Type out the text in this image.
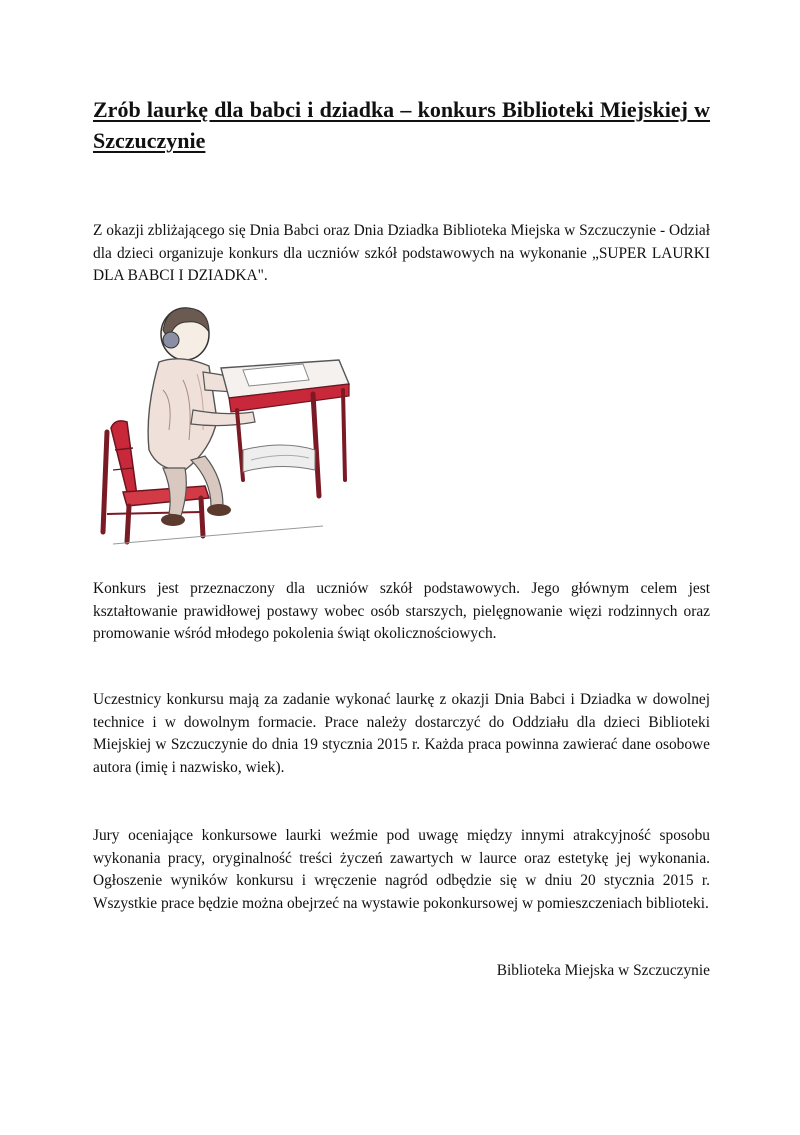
Zrób laurkę dla babci i dziadka – konkurs Biblioteki Miejskiej w Szczuczynie

Z okazji zbliżającego się Dnia Babci oraz Dnia Dziadka Biblioteka Miejska w Szczuczynie - Odział dla dzieci organizuje konkurs dla uczniów szkół podstawowych na wykonanie „SUPER LAURKI DLA BABCI I DZIADKA".

Konkurs jest przeznaczony dla uczniów szkół podstawowych. Jego głównym celem jest kształtowanie prawidłowej postawy wobec osób starszych, pielęgnowanie więzi rodzinnych oraz promowanie wśród młodego pokolenia świąt okolicznościowych.

Uczestnicy konkursu mają za zadanie wykonać laurkę z okazji Dnia Babci i Dziadka w dowolnej technice i w dowolnym formacie. Prace należy dostarczyć do Oddziału dla dzieci Biblioteki Miejskiej w Szczuczynie do dnia 19 stycznia 2015 r. Każda praca powinna zawierać dane osobowe autora (imię i nazwisko, wiek).

Jury oceniające konkursowe laurki weźmie pod uwagę między innymi atrakcyjność sposobu wykonania pracy, oryginalność treści życzeń zawartych w laurce oraz estetykę jej wykonania. Ogłoszenie wyników konkursu i wręczenie nagród odbędzie się w dniu 20 stycznia 2015 r. Wszystkie prace będzie można obejrzeć na wystawie pokonkursowej w pomieszczeniach biblioteki.

Biblioteka Miejska w Szczuczynie
